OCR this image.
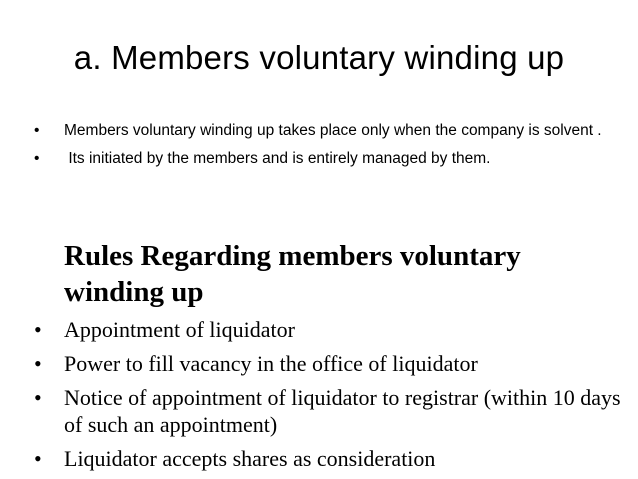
a. Members voluntary winding up
• Members voluntary winding up takes place only when the company is solvent .
•  Its initiated by the members and is entirely managed by them.
Rules Regarding members voluntary winding up
• Appointment of liquidator
• Power to fill vacancy in the office of liquidator
• Notice of appointment of liquidator to registrar (within 10 days of such an appointment)
• Liquidator accepts shares as consideration
